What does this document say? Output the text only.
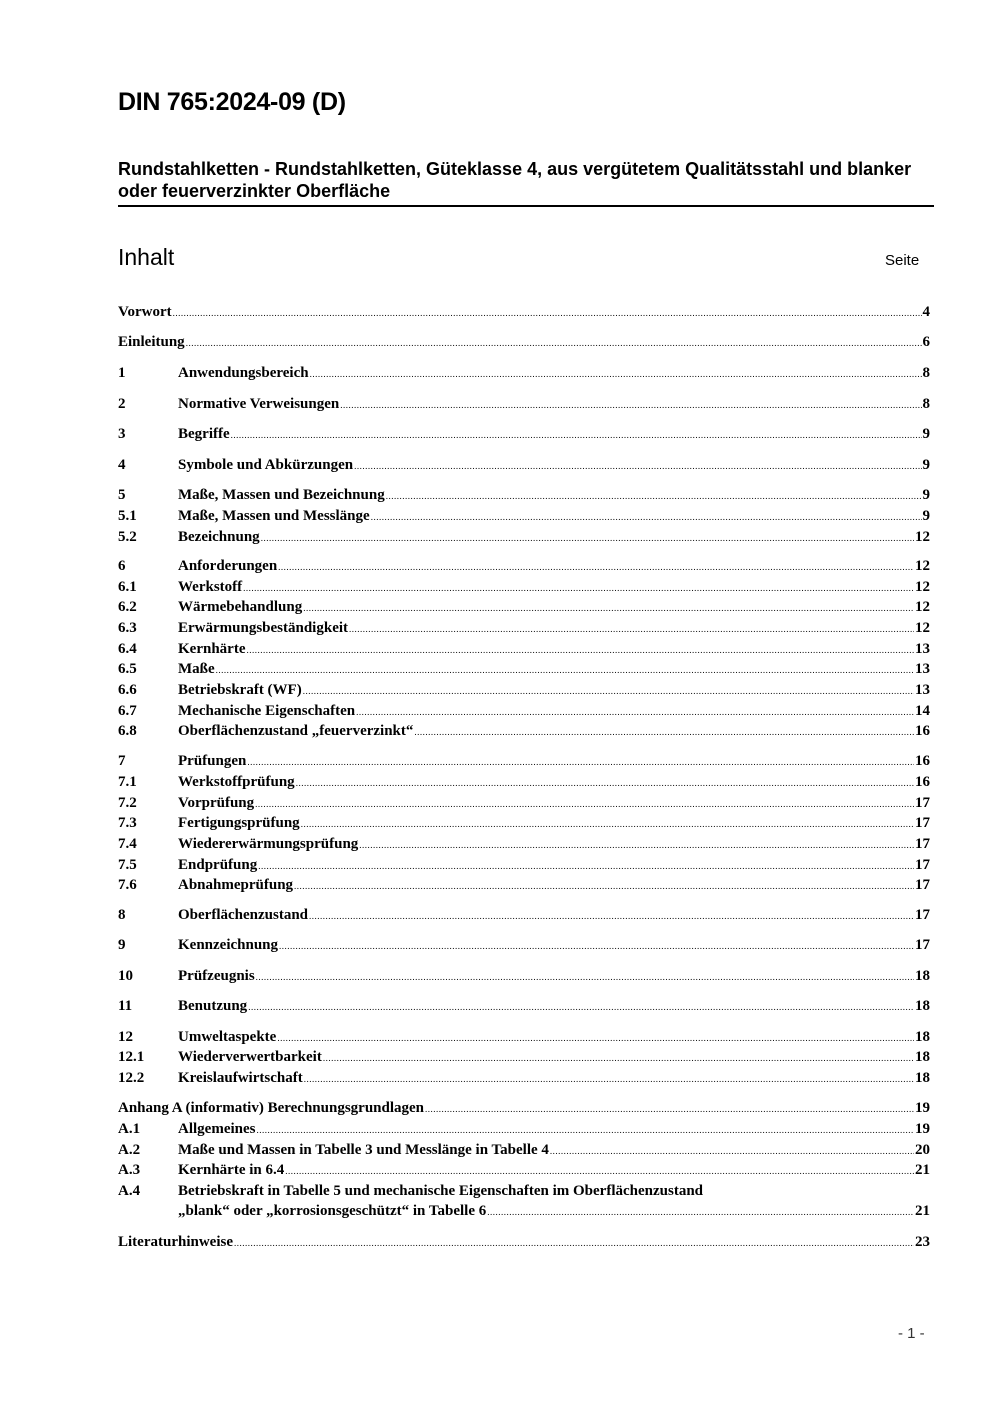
DIN 765:2024-09 (D)
Rundstahlketten - Rundstahlketten, Güteklasse 4, aus vergütetem Qualitätsstahl und blanker oder feuerverzinkter Oberfläche
Inhalt	Seite
Vorwort .....	4
Einleitung .....	6
1	Anwendungsbereich .....	8
2	Normative Verweisungen .....	8
3	Begriffe .....	9
4	Symbole und Abkürzungen .....	9
5	Maße, Massen und Bezeichnung .....	9
5.1	Maße, Massen und Messlänge .....	9
5.2	Bezeichnung .....	12
6	Anforderungen .....	12
6.1	Werkstoff .....	12
6.2	Wärmebehandlung .....	12
6.3	Erwärmungsbeständigkeit .....	12
6.4	Kernhärte .....	13
6.5	Maße .....	13
6.6	Betriebskraft (WF) .....	13
6.7	Mechanische Eigenschaften .....	14
6.8	Oberflächenzustand „feuerverzinkt“ .....	16
7	Prüfungen .....	16
7.1	Werkstoffprüfung .....	16
7.2	Vorprüfung .....	17
7.3	Fertigungsprüfung .....	17
7.4	Wiedererwärmungsprüfung .....	17
7.5	Endprüfung .....	17
7.6	Abnahmeprüfung .....	17
8	Oberflächenzustand .....	17
9	Kennzeichnung .....	17
10	Prüfzeugnis .....	18
11	Benutzung .....	18
12	Umweltaspekte .....	18
12.1	Wiederverwertbarkeit .....	18
12.2	Kreislaufwirtschaft .....	18
Anhang A (informativ) Berechnungsgrundlagen .....	19
A.1	Allgemeines .....	19
A.2	Maße und Massen in Tabelle 3 und Messlänge in Tabelle 4 .....	20
A.3	Kernhärte in 6.4 .....	21
A.4	Betriebskraft in Tabelle 5 und mechanische Eigenschaften im Oberflächenzustand
„blank“ oder „korrosionsgeschützt“ in Tabelle 6 .....	21
Literaturhinweise .....	23
- 1 -
